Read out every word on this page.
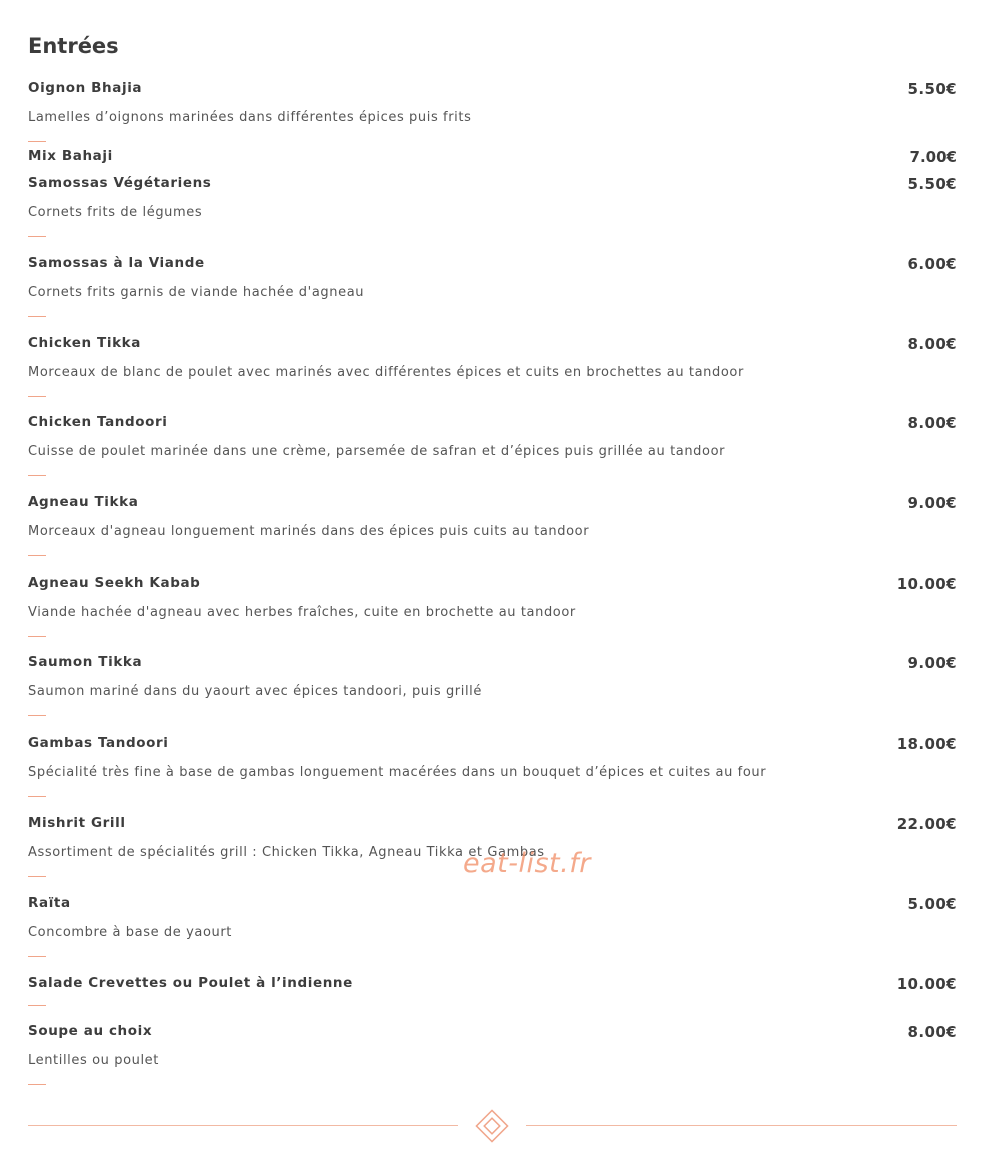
Entrées
Mix Bahaji	7.00€
Oignon Bhajia	5.50€
Lamelles d’oignons marinées dans différentes épices puis frits
Samossas Végétariens	5.50€
Cornets frits de légumes
Samossas à la Viande	6.00€
Cornets frits garnis de viande hachée d'agneau
Chicken Tikka	8.00€
Morceaux de blanc de poulet avec marinés avec différentes épices et cuits en brochettes au tandoor
Chicken Tandoori	8.00€
Cuisse de poulet marinée dans une crème, parsemée de safran et d’épices puis grillée au tandoor
Agneau Tikka	9.00€
Morceaux d'agneau longuement marinés dans des épices puis cuits au tandoor
Agneau Seekh Kabab	10.00€
Viande hachée d'agneau avec herbes fraîches, cuite en brochette au tandoor
Saumon Tikka	9.00€
Saumon mariné dans du yaourt avec épices tandoori, puis grillé
Gambas Tandoori	18.00€
Spécialité très fine à base de gambas longuement macérées dans un bouquet d’épices et cuites au four
Mishrit Grill	22.00€
Assortiment de spécialités grill : Chicken Tikka, Agneau Tikka et Gambas
Raïta	5.00€
Concombre à base de yaourt
Salade Crevettes ou Poulet à l’indienne	10.00€
Soupe au choix	8.00€
Lentilles ou poulet
eat-list.fr
